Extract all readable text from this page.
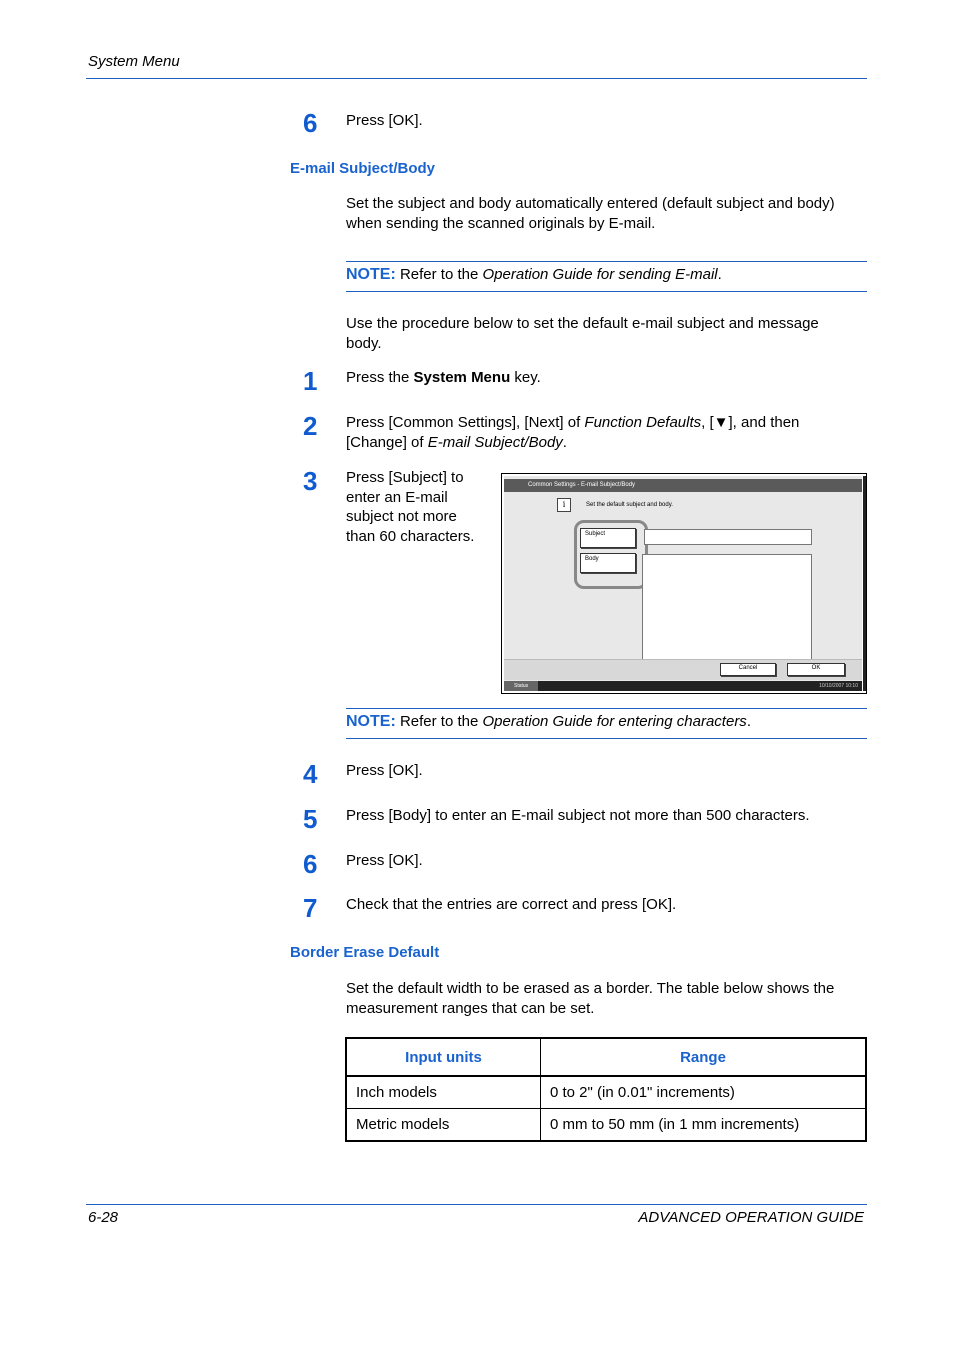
System Menu
6	Press [OK].
E-mail Subject/Body
Set the subject and body automatically entered (default subject and body)
when sending the scanned originals by E-mail.
NOTE: Refer to the Operation Guide for sending E-mail.
Use the procedure below to set the default e-mail subject and message
body.
1	Press the System Menu key.
2	Press [Common Settings], [Next] of Function Defaults, [▼], and then
[Change] of E-mail Subject/Body.
3	Press [Subject] to
enter an E-mail
subject not more
than 60 characters.
Common Settings - E-mail Subject/Body
i	Set the default subject and body.
Subject
Body
Cancel	OK
Status	10/10/2007 10:10
NOTE: Refer to the Operation Guide for entering characters.
4	Press [OK].
5	Press [Body] to enter an E-mail subject not more than 500 characters.
6	Press [OK].
7	Check that the entries are correct and press [OK].
Border Erase Default
Set the default width to be erased as a border. The table below shows the
measurement ranges that can be set.
Input units	Range
Inch models	0 to 2" (in 0.01" increments)
Metric models	0 mm to 50 mm (in 1 mm increments)
6-28	ADVANCED OPERATION GUIDE
